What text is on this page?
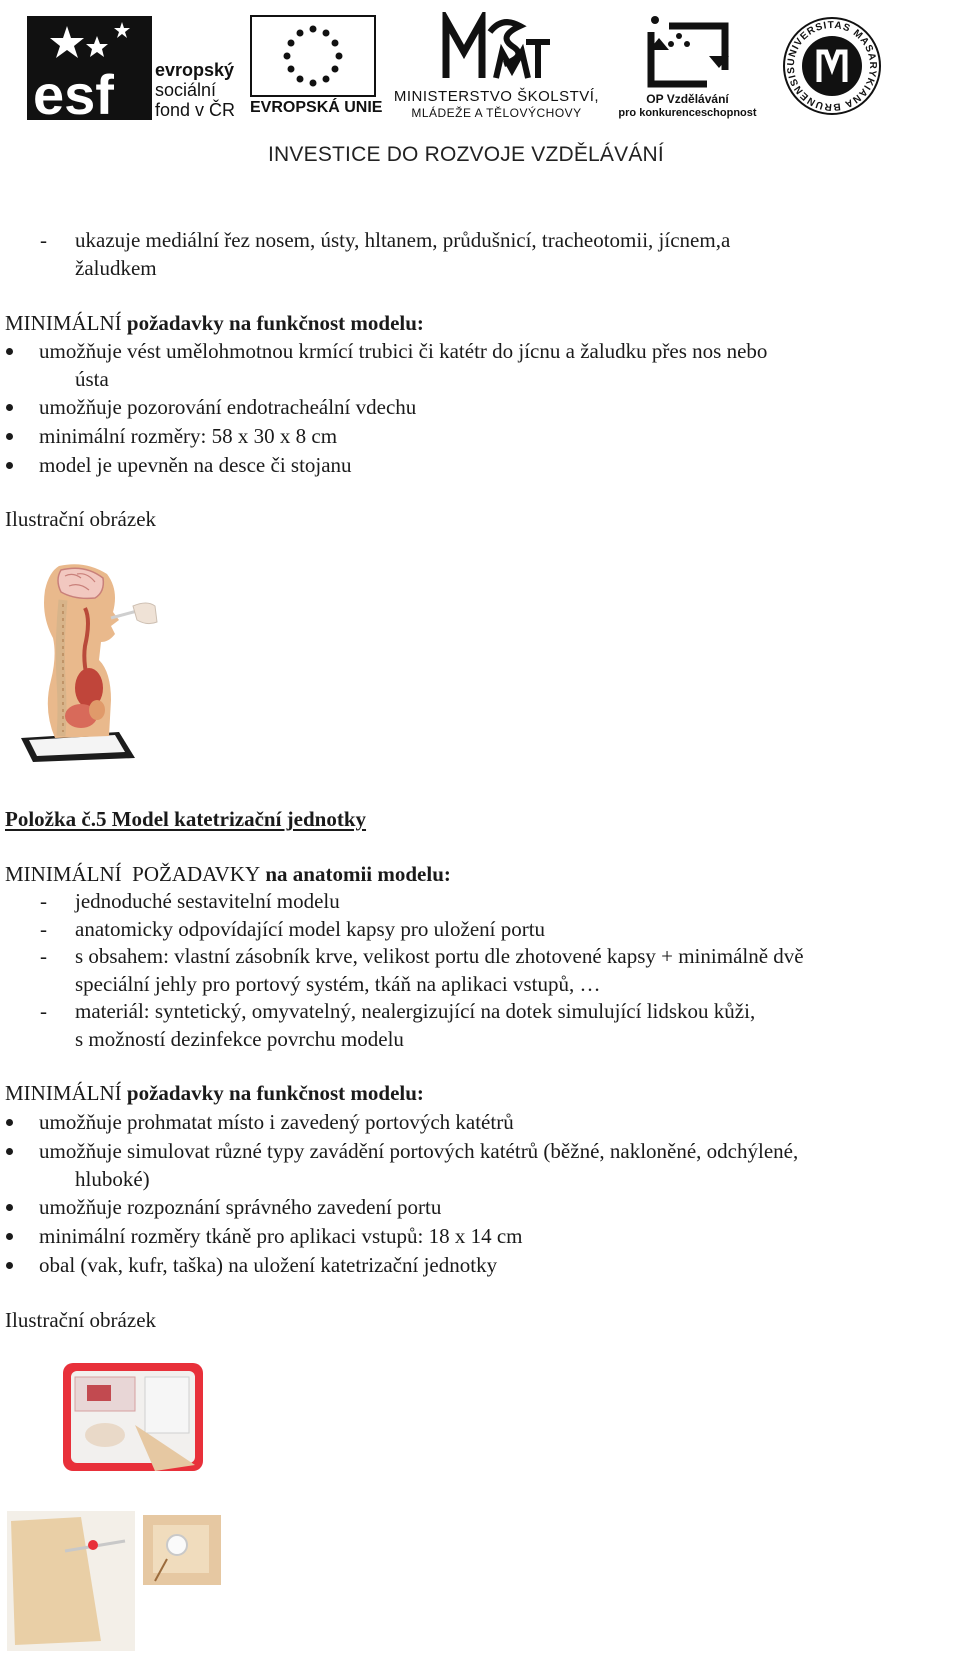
esf evropský
sociální
fond v ČR EVROPSKÁ UNIE
MINISTERSTVO ŠKOLSTVÍ,
MLÁDEŽE A TĚLOVÝCHOVY
OP Vzdělávání
pro konkurenceschopnost
UNIVERSITAS MASARYKIANA BRUNENSIS
INVESTICE DO ROZVOJE VZDĚLÁVÁNÍ
- ukazuje mediální řez nosem, ústy, hltanem, průdušnicí, tracheotomii, jícnem,a
žaludkem
MINIMÁLNÍ požadavky na funkčnost modelu:
umožňuje vést umělohmotnou krmící trubici či katétr do jícnu a žaludku přes nos nebo
ústa
umožňuje pozorování endotracheální vdechu
minimální rozměry: 58 x 30 x 8 cm
model je upevněn na desce či stojanu
Ilustrační obrázek
Položka č.5 Model katetrizační jednotky
MINIMÁLNÍ  POŽADAVKY na anatomii modelu:
- jednoduché sestavitelní modelu
- anatomicky odpovídající model kapsy pro uložení portu
- s obsahem: vlastní zásobník krve, velikost portu dle zhotovené kapsy + minimálně dvě
speciální jehly pro portový systém, tkáň na aplikaci vstupů, …
- materiál: syntetický, omyvatelný, nealergizující na dotek simulující lidskou kůži,
s možností dezinfekce povrchu modelu
MINIMÁLNÍ požadavky na funkčnost modelu:
umožňuje prohmatat místo i zavedený portových katétrů
umožňuje simulovat různé typy zavádění portových katétrů (běžné, nakloněné, odchýlené,
hluboké)
umožňuje rozpoznání správného zavedení portu
minimální rozměry tkáně pro aplikaci vstupů: 18 x 14 cm
obal (vak, kufr, taška) na uložení katetrizační jednotky
Ilustrační obrázek
